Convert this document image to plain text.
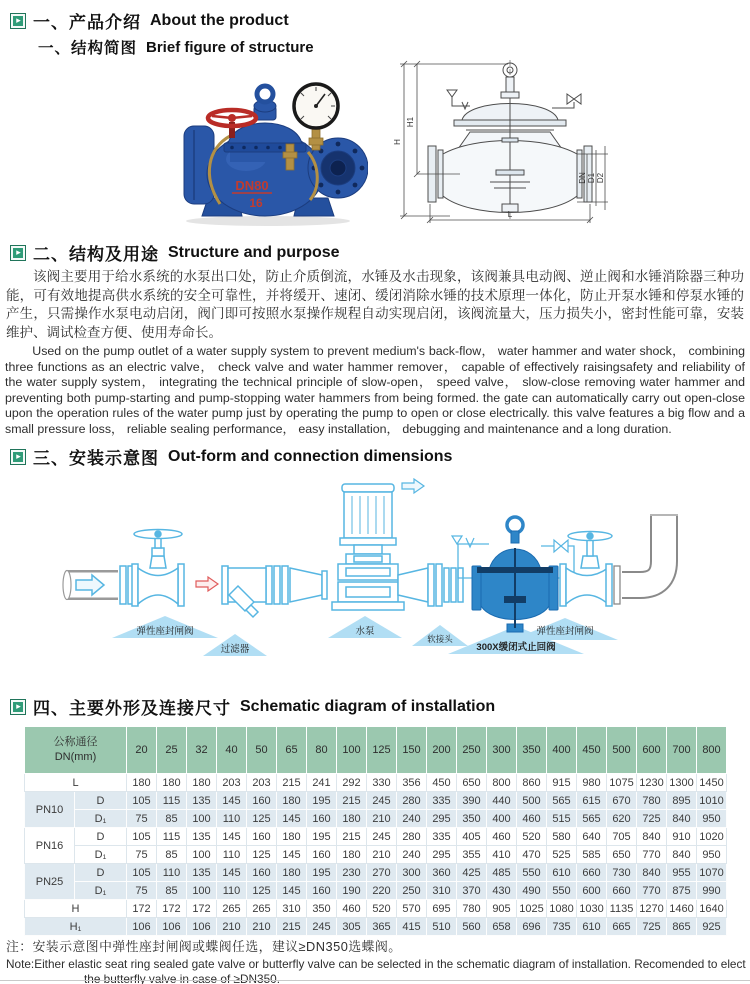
▸ 一、产品介绍 About the product
一、结构简图 Brief figure of structure
DN80
16
H
H1
DN D1 D2
L
▸ 二、结构及用途 Structure and purpose

该阀主要用于给水系统的水泵出口处，防止介质倒流，水锤及水击现象，该阀兼具电动阀、逆止阀和水锤消除器三种功能，可有效地提高供水系统的安全可靠性，并将缓开、速闭、缓闭消除水锤的技术原理一体化，防止开泵水锤和停泵水锤的产生，只需操作水泵电动启闭，阀门即可按照水泵操作规程自动实现启闭，该阀流量大，压力损失小，密封性能可靠，安装维护、调试检查方便、使用寿命长。

Used on the pump outlet of a water supply system to prevent medium's back-flow， water hammer and water shock， combining three functions as an electric valve， check valve and water hammer remover， capable of effectively raisingsafety and reliability of the water supply system， integrating the technical principle of slow-open， speed valve， slow-close removing water hammer and preventing both pump-starting and pump-stopping water hammers from being formed. the gate can automatically carry out open-close upon the operation rules of the water pump just by operating the pump to open or close electrically. this valve features a big flow and a small pressure loss， reliable sealing performance， easy installation， debugging and maintenance and a long duration.

▸ 三、安装示意图 Out-form and connection dimensions
弹性座封闸阀
过滤器
水泵
软接头
300X缓闭式止回阀
弹性座封闸阀
▸ 四、主要外形及连接尺寸 Schematic diagram of installation
公称通径
DN(mm)		20	25	32	40	50	65	80	100	125	150	200	250	300	350	400	450	500	600	700	800
L		180	180	180	203	203	215	241	292	330	356	450	650	800	860	915	980	1075	1230	1300	1450
PN10	D	105	115	135	145	160	180	195	215	245	280	335	390	440	500	565	615	670	780	895	1010
	D₁	75	85	100	110	125	145	160	180	210	240	295	350	400	460	515	565	620	725	840	950
PN16	D	105	115	135	145	160	180	195	215	245	280	335	405	460	520	580	640	705	840	910	1020
	D₁	75	85	100	110	125	145	160	180	210	240	295	355	410	470	525	585	650	770	840	950
PN25	D	105	110	135	145	160	180	195	230	270	300	360	425	485	550	610	660	730	840	955	1070
	D₁	75	85	100	110	125	145	160	190	220	250	310	370	430	490	550	600	660	770	875	990
H		172	172	172	265	265	310	350	460	520	570	695	780	905	1025	1080	1030	1135	1270	1460	1640
H₁		106	106	106	210	210	215	245	305	365	415	510	560	658	696	735	610	665	725	865	925

注：安装示意图中弹性座封闸阀或蝶阀任选，建议≥DN350选蝶阀。

Note:Either elastic seat ring sealed gate valve or butterfly valve can be selected in the schematic diagram of installation. Recomended to elect the butterfly valve in case of ≥DN350.
